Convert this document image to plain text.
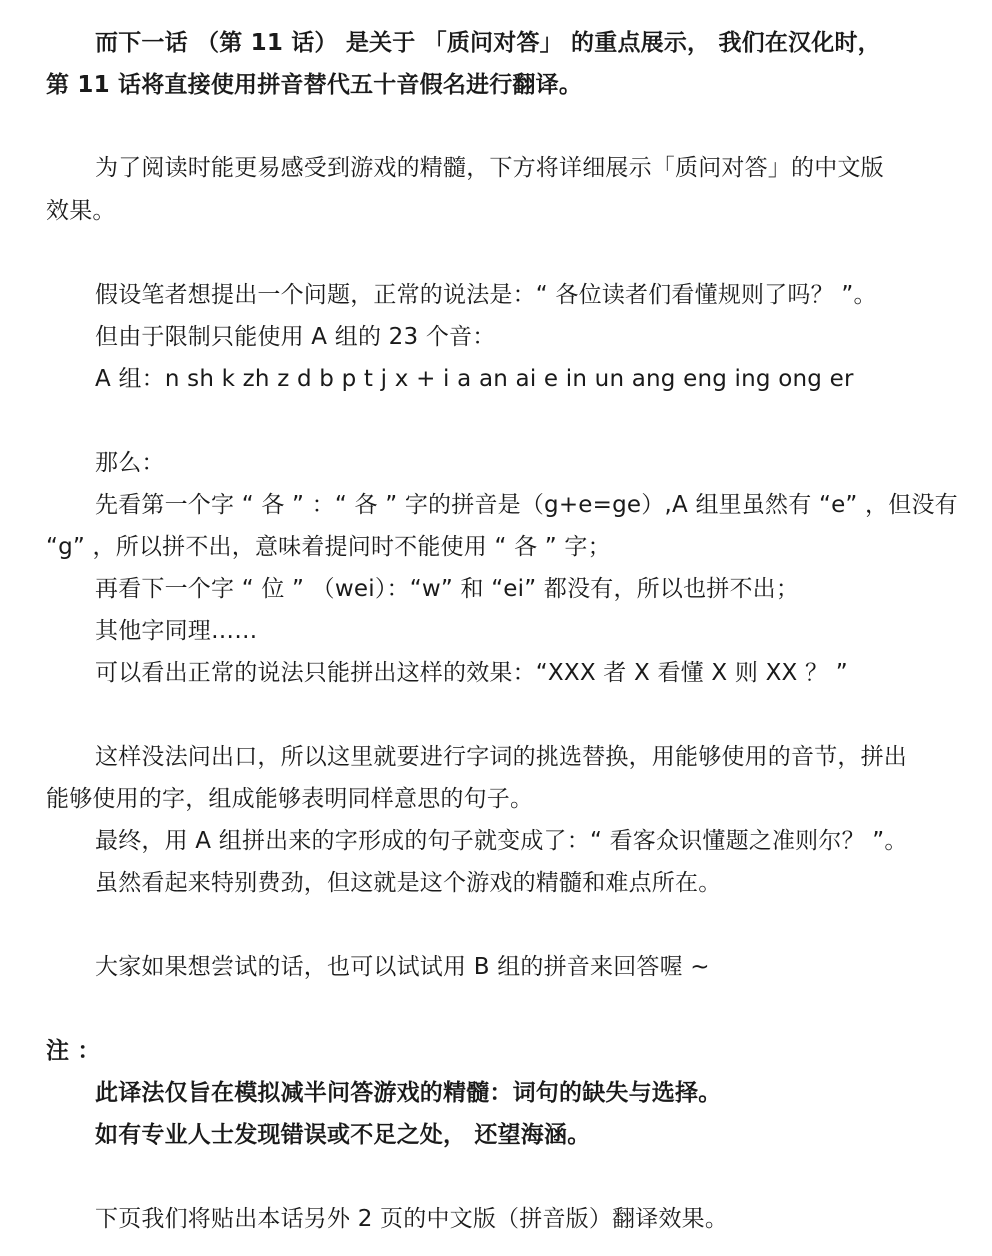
而下一话 （第 11 话） 是关于 「质问对答」 的重点展示， 我们在汉化时，
第 11 话将直接使用拼音替代五十音假名进行翻译。
为了阅读时能更易感受到游戏的精髓，下方将详细展示「质问对答」的中文版
效果。
假设笔者想提出一个问题，正常的说法是：“ 各位读者们看懂规则了吗？ ”。
但由于限制只能使用 A 组的 23 个音：
A 组：n sh k zh z d b p t j x + i a an ai e in un ang eng ing ong er
那么：
先看第一个字 “ 各 ” ：“ 各 ” 字的拼音是（g+e=ge）,A 组里虽然有 “e” ，但没有
“g” ，所以拼不出，意味着提问时不能使用 “ 各 ” 字；
再看下一个字 “ 位 ” （wei）：“w” 和 “ei” 都没有，所以也拼不出；
其他字同理……
可以看出正常的说法只能拼出这样的效果：“XXX 者 X 看懂 X 则 XX ？ ”
这样没法问出口，所以这里就要进行字词的挑选替换，用能够使用的音节，拼出
能够使用的字，组成能够表明同样意思的句子。
最终，用 A 组拼出来的字形成的句子就变成了：“ 看客众识懂题之准则尔？ ”。
虽然看起来特别费劲，但这就是这个游戏的精髓和难点所在。
大家如果想尝试的话，也可以试试用 B 组的拼音来回答喔 ~
注 ：
此译法仅旨在模拟减半问答游戏的精髓：词句的缺失与选择。
如有专业人士发现错误或不足之处， 还望海涵。
下页我们将贴出本话另外 2 页的中文版（拼音版）翻译效果。
